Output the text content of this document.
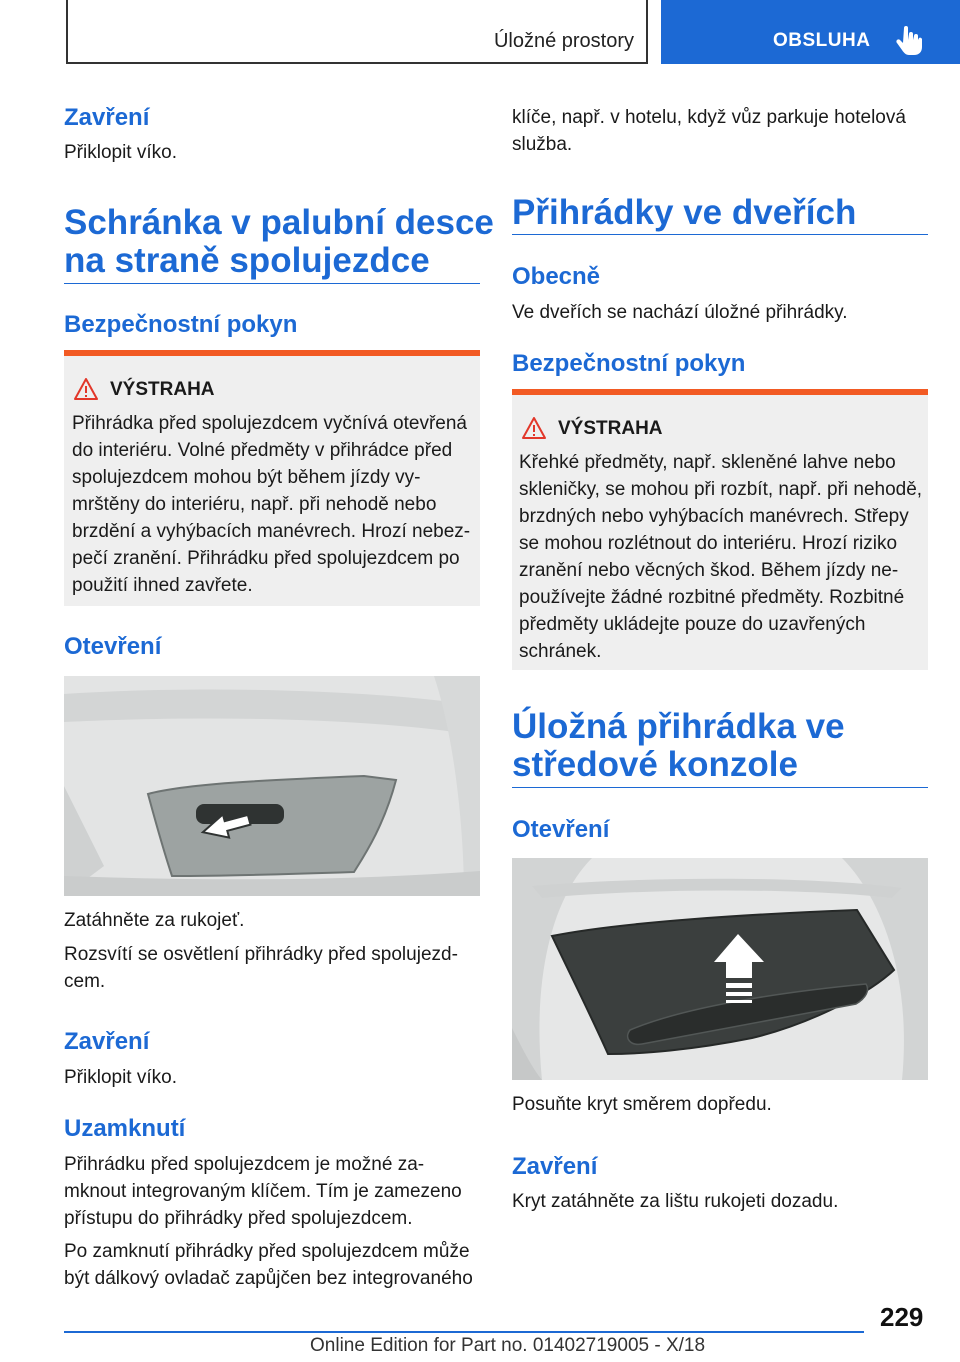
Úložné prostory	OBSLUHA
Zavření
Přiklopit víko.
Schránka v palubní desce
na straně spolujezdce
Bezpečnostní pokyn
VÝSTRAHA
Přihrádka před spolujezdcem vyčnívá otevřená
do interiéru. Volné předměty v přihrádce před
spolujezdcem mohou být během jízdy vy-
mrštěny do interiéru, např. při nehodě nebo
brzdění a vyhýbacích manévrech. Hrozí nebez-
pečí zranění. Přihrádku před spolujezdcem po
použití ihned zavřete.
Otevření
Zatáhněte za rukojeť.
Rozsvítí se osvětlení přihrádky před spolujezd-
cem.
Zavření
Přiklopit víko.
Uzamknutí
Přihrádku před spolujezdcem je možné za-
mknout integrovaným klíčem. Tím je zamezeno
přístupu do přihrádky před spolujezdcem.
Po zamknutí přihrádky před spolujezdcem může
být dálkový ovladač zapůjčen bez integrovaného
klíče, např. v hotelu, když vůz parkuje hotelová
služba.
Přihrádky ve dveřích
Obecně
Ve dveřích se nachází úložné přihrádky.
Bezpečnostní pokyn
VÝSTRAHA
Křehké předměty, např. skleněné lahve nebo
skleničky, se mohou při rozbít, např. při nehodě,
brzdných nebo vyhýbacích manévrech. Střepy
se mohou rozlétnout do interiéru. Hrozí riziko
zranění nebo věcných škod. Během jízdy ne-
používejte žádné rozbitné předměty. Rozbitné
předměty ukládejte pouze do uzavřených
schránek.
Úložná přihrádka ve
středové konzole
Otevření
Posuňte kryt směrem dopředu.
Zavření
Kryt zatáhněte za lištu rukojeti dozadu.
229
Online Edition for Part no. 01402719005 - X/18
